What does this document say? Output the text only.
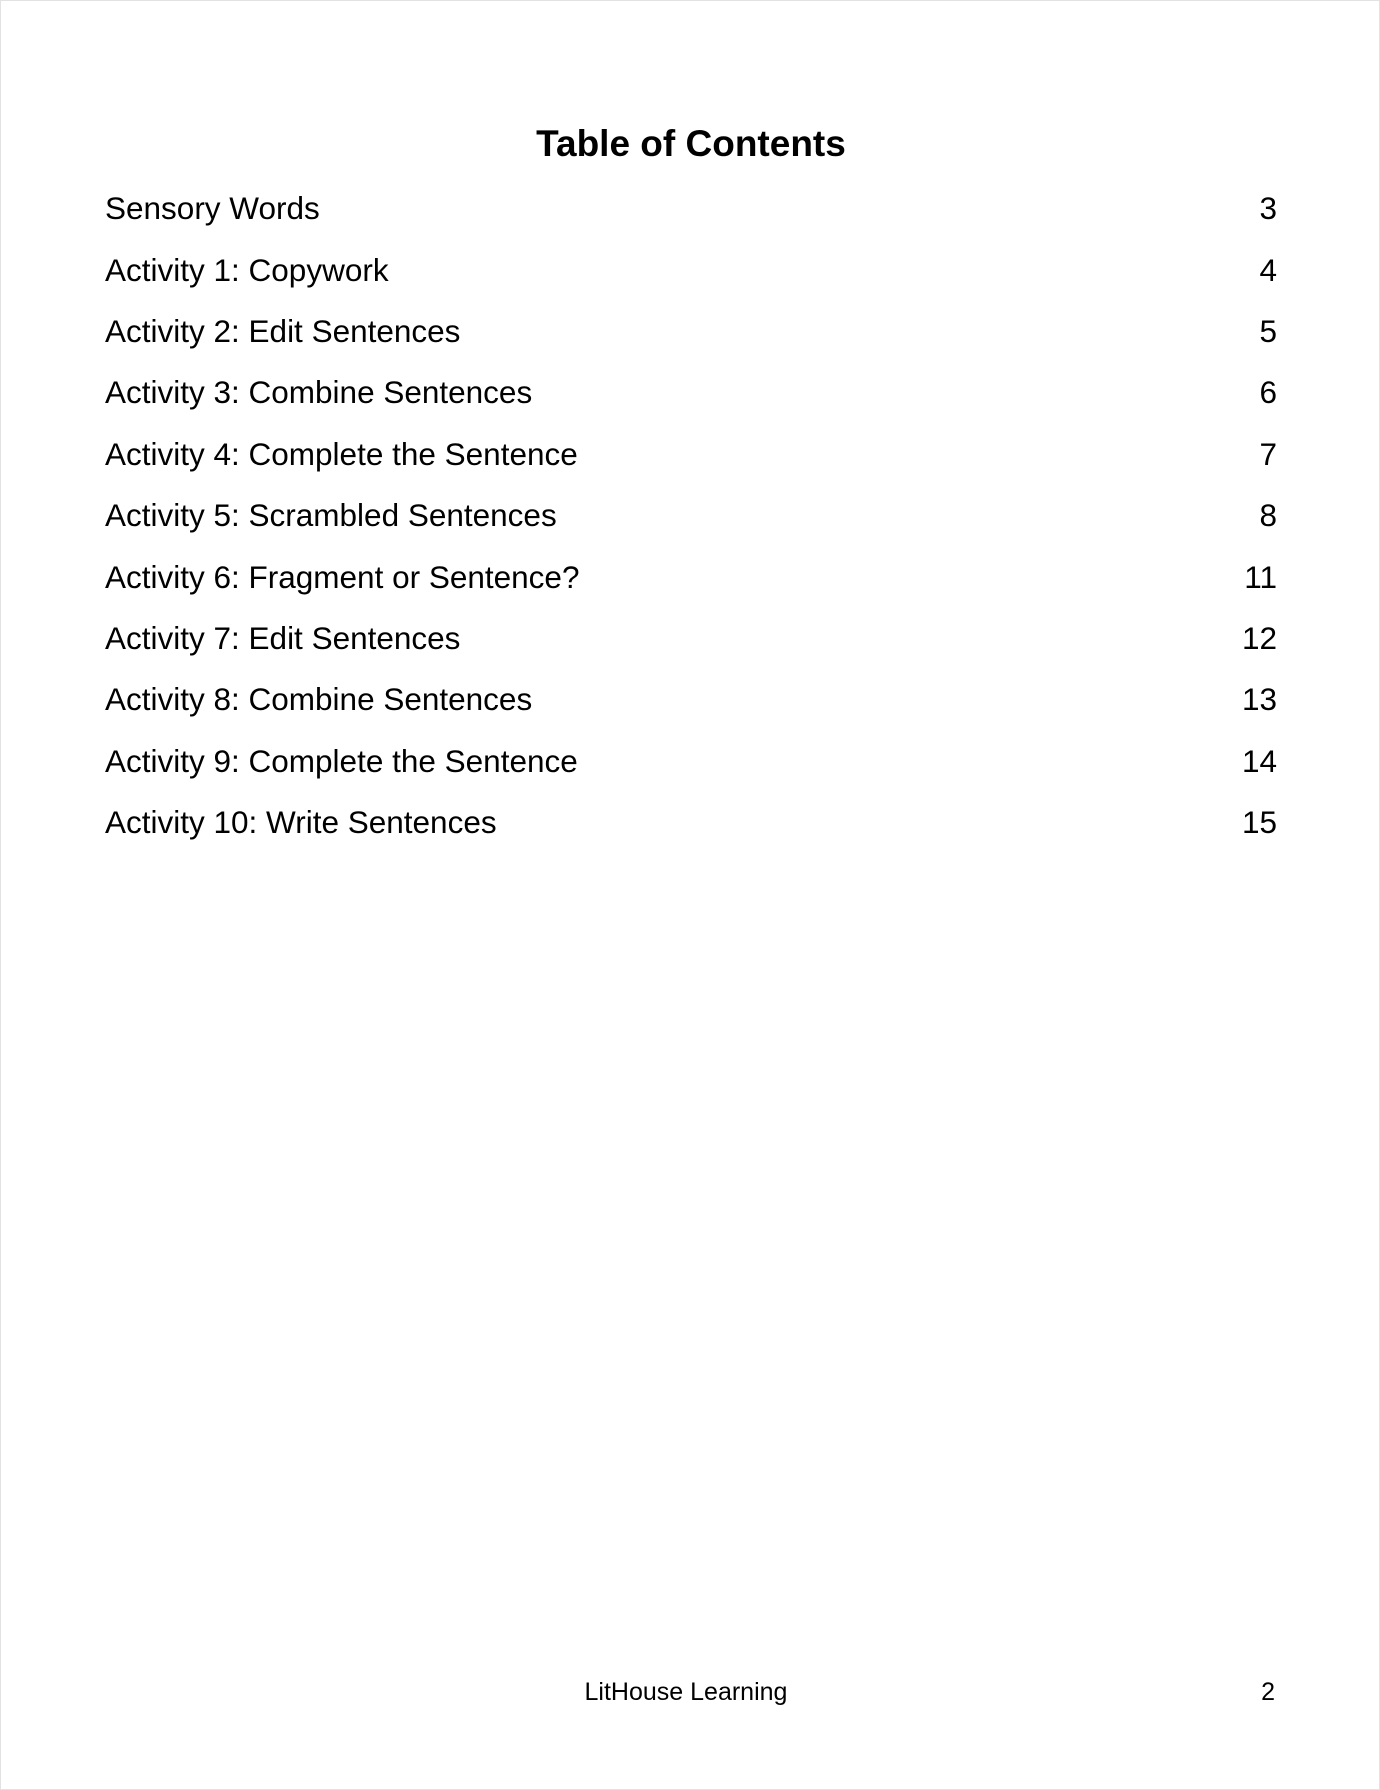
Table of Contents
Sensory Words	3
Activity 1: Copywork	4
Activity 2: Edit Sentences	5
Activity 3: Combine Sentences	6
Activity 4: Complete the Sentence	7
Activity 5: Scrambled Sentences	8
Activity 6: Fragment or Sentence?	11
Activity 7: Edit Sentences	12
Activity 8: Combine Sentences	13
Activity 9: Complete the Sentence	14
Activity 10: Write Sentences	15
LitHouse Learning	2
